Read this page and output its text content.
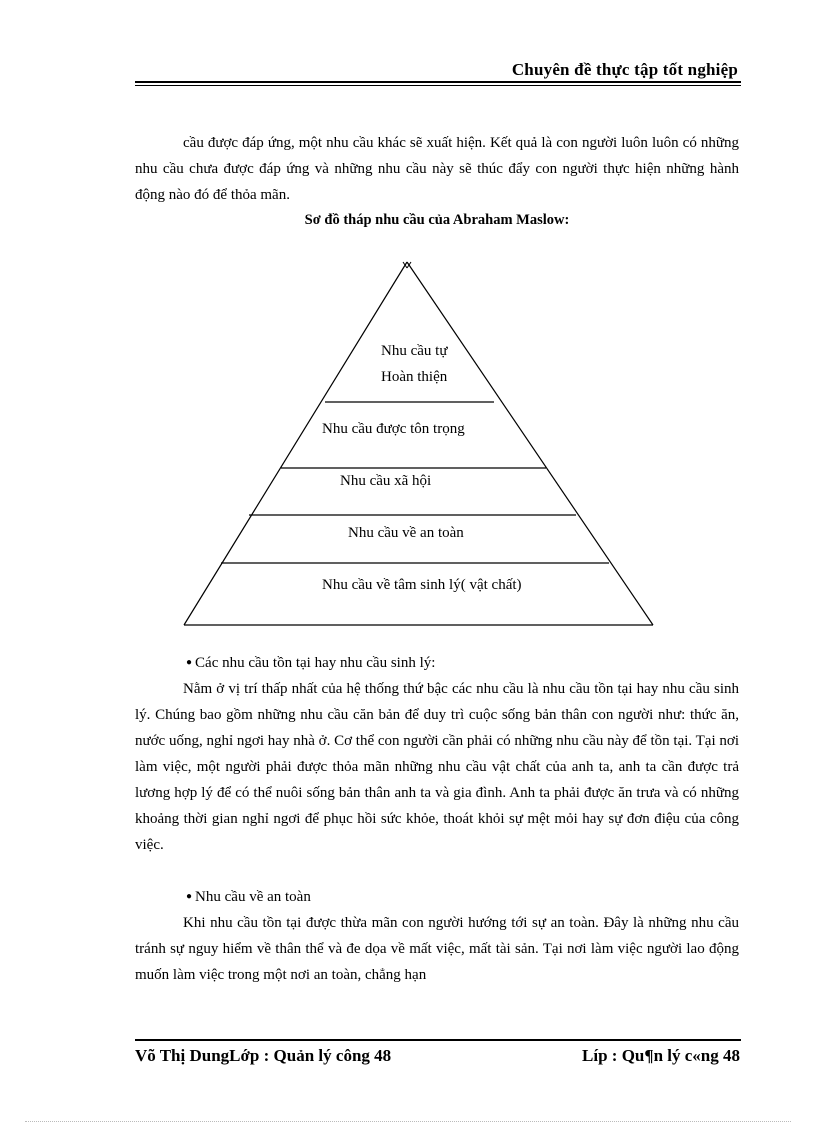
Chuyên đề thực tập tốt nghiệp

cầu được đáp ứng, một nhu cầu khác sẽ xuất hiện. Kết quả là con người luôn luôn có những nhu cầu chưa được đáp ứng và những nhu cầu này sẽ thúc đẩy con người thực hiện những hành động nào đó để thỏa mãn.

Sơ đồ tháp nhu cầu của Abraham Maslow:
Nhu cầu tự
Hoàn thiện
Nhu cầu được tôn trọng
Nhu cầu xã hội
Nhu cầu về an toàn
Nhu cầu về tâm sinh lý( vật chất)
● Các nhu cầu tồn tại hay nhu cầu sinh lý:

Nằm ở vị trí thấp nhất của hệ thống thứ bậc các nhu cầu là nhu cầu tồn tại hay nhu cầu sinh lý. Chúng bao gồm những nhu cầu căn bản để duy trì cuộc sống bản thân con người như: thức ăn, nước uống, nghỉ ngơi hay nhà ở. Cơ thể con người cần phải có những nhu cầu này để tồn tại. Tại nơi làm việc, một người phải được thỏa mãn những nhu cầu vật chất của anh ta, anh ta cần được trả lương hợp lý để có thể nuôi sống bản thân anh ta và gia đình. Anh ta phải được ăn trưa và có những khoảng thời gian nghỉ ngơi để phục hồi sức khỏe, thoát khỏi sự mệt mỏi hay sự đơn điệu của công việc.

● Nhu cầu về an toàn

Khi nhu cầu tồn tại được thừa mãn con người hướng tới sự an toàn. Đây là những nhu cầu tránh sự nguy hiểm về thân thể và đe dọa về mất việc, mất tài sản. Tại nơi làm việc người lao động muốn làm việc trong một nơi an toàn, chẳng hạn

Võ Thị DungLớp : Quản lý công 48	Líp : Qu¶n lý c«ng 48
